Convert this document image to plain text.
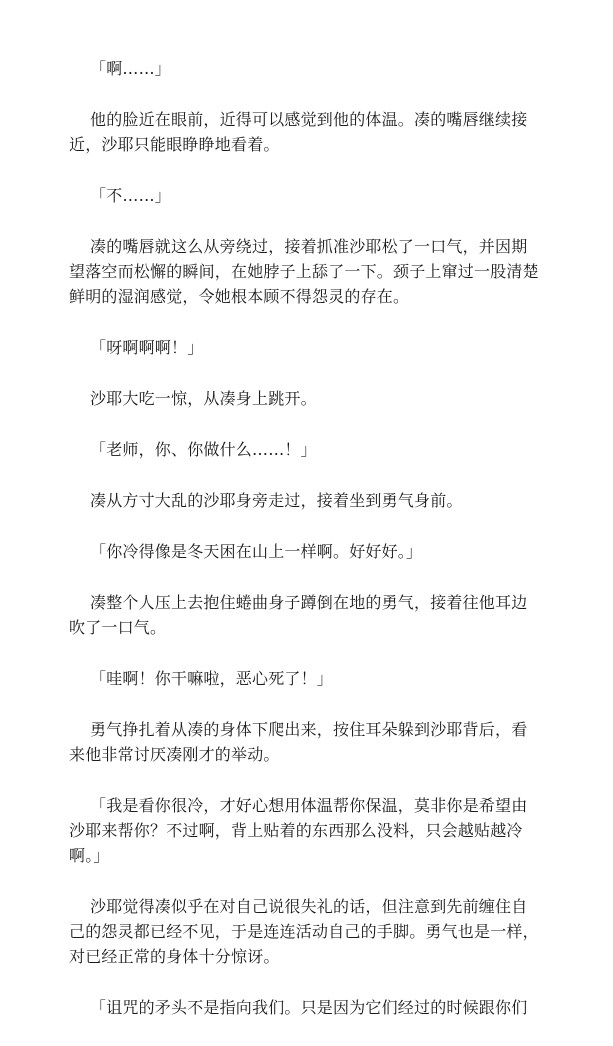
「啊……」

他的脸近在眼前，近得可以感觉到他的体温。凑的嘴唇继续接
近，沙耶只能眼睁睁地看着。

「不……」

凑的嘴唇就这么从旁绕过，接着抓准沙耶松了一口气，并因期
望落空而松懈的瞬间，在她脖子上舔了一下。颈子上窜过一股清楚
鲜明的湿润感觉，令她根本顾不得怨灵的存在。

「呀啊啊啊！」

沙耶大吃一惊，从凑身上跳开。

「老师，你、你做什么……！」

凑从方寸大乱的沙耶身旁走过，接着坐到勇气身前。

「你冷得像是冬天困在山上一样啊。好好好。」

凑整个人压上去抱住蜷曲身子蹲倒在地的勇气，接着往他耳边
吹了一口气。

「哇啊！你干嘛啦，恶心死了！」

勇气挣扎着从凑的身体下爬出来，按住耳朵躲到沙耶背后，看
来他非常讨厌凑刚才的举动。

「我是看你很冷，才好心想用体温帮你保温，莫非你是希望由
沙耶来帮你？不过啊，背上贴着的东西那么没料，只会越贴越冷
啊。」

沙耶觉得凑似乎在对自己说很失礼的话，但注意到先前缠住自
己的怨灵都已经不见，于是连连活动自己的手脚。勇气也是一样，
对已经正常的身体十分惊讶。

「诅咒的矛头不是指向我们。只是因为它们经过的时候跟你们
